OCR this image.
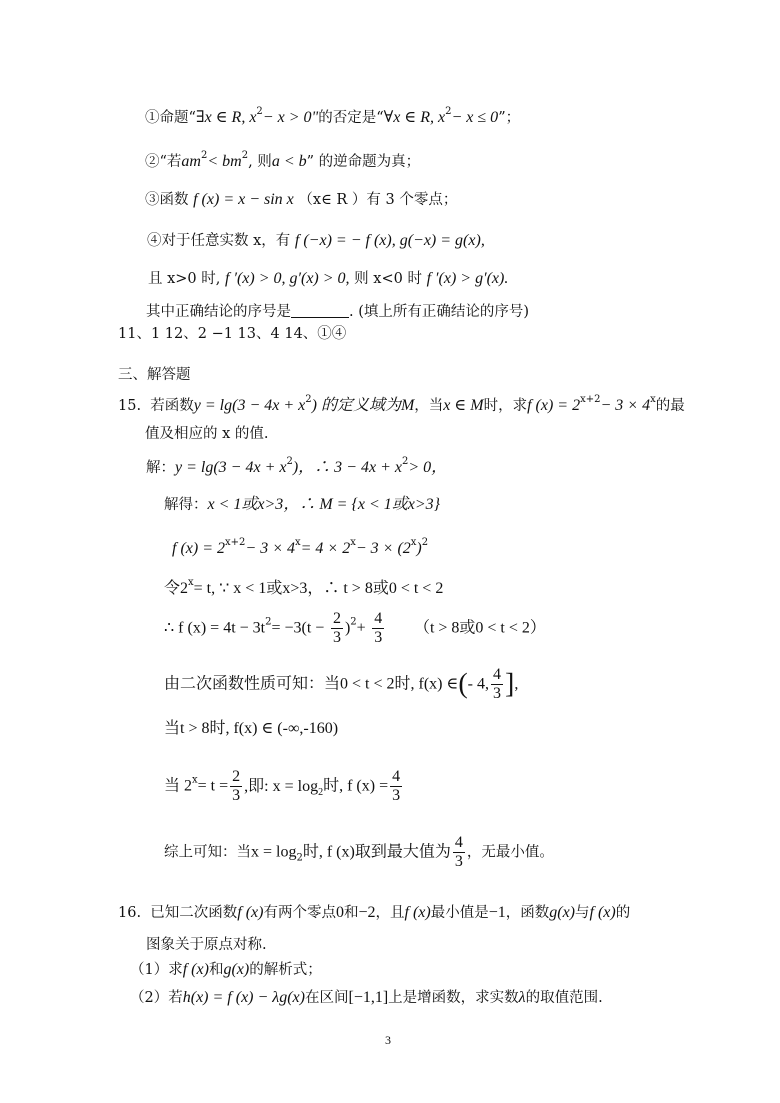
①命题“∃x ∈ R, $x^2- x > 0$"的否定是“∀x ∈ R, $x^2- x \le 0$”；
②“若$am^2< bm^2$, 则a < b” 的逆命题为真；
③函数 f (x) = x − sin x （x∈ R ）有 3 个零点；
④对于任意实数 x，有 f (−x) = − f (x), g(−x) = g(x),
且 x>0 时, f ′(x) > 0, g′(x) > 0, 则 x<0 时 f ′(x) > g′(x).
其中正确结论的序号是	. (填上所有正确结论的序号)
11、1 12、2 −1 13、4 14、①④
三、解答题
15. 若函数$y = \lg(3 - 4x + x^2)$ 的定义域为M，当x ∈ M时，求f $(x) = 2^{x+2}- 3 \times 4^x$的最
值及相应的 x 的值.
解：$y = \lg(3 - 4x + x^2)$，∴ $3 - 4x + x^2> 0$，
解得：x < 1或x>3，∴ M = {x < 1或x>3}
f $(x) = 2^{x+2}- 3 \times 4^x= 4 \times 2^x- 3 \times (2^x)^2$
令$2^x= t$, ∵ x < 1或x>3，∴ t > 8或0 < t < 2
∴ f $(x) = 4t - 3t^2= -3(t - \frac{2}{3} )^2+ \frac{4}{3} (t > 8$或0 < t < 2）
由二次函数性质可知：当0 < t < 2时, f(x) ∈(- 4, $\frac{4}{3}$ ],
当t > 8时, f(x) ∈ (-∞,-160)
当 $2^x= t = \frac{2}{3}$ ,即: $x = \log_2$时, f $(x) = \frac{4}{3}$
综上可知：当$x = \log_2$时, f (x)取到最大值为 $\frac{4}{3}$ ，无最小值。
16. 已知二次函数f (x)有两个零点0和−2，且f (x)最小值是−1，函数g(x)与f (x)的
图象关于原点对称.
（1）求f (x)和g(x)的解析式；
（2）若h(x) = f (x) − λg(x)在区间[−1,1]上是增函数，求实数λ的取值范围.
3
